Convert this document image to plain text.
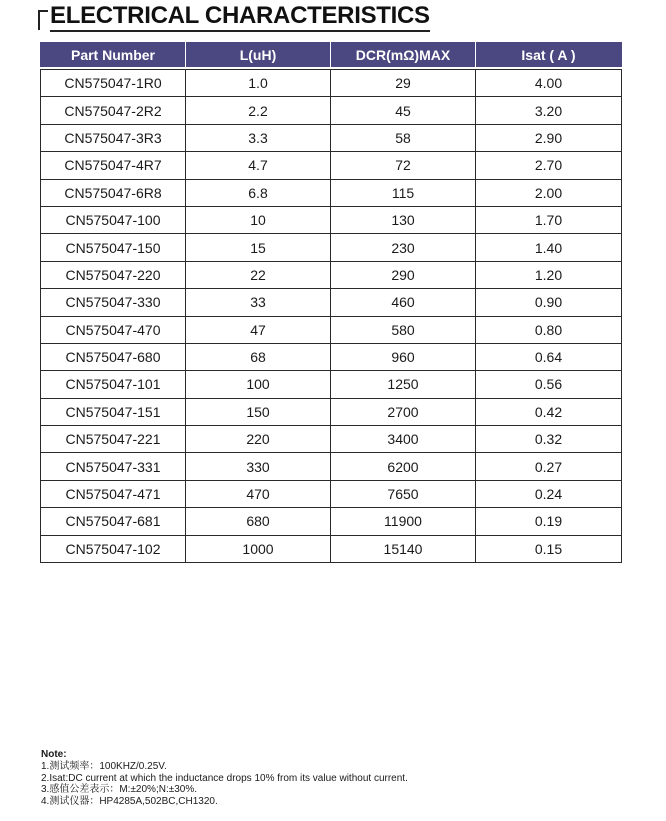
ELECTRICAL CHARACTERISTICS
Part Number	L(uH)	DCR(mΩ)MAX	Isat ( A )

CN575047-1R0	1.0	29	4.00
CN575047-2R2	2.2	45	3.20
CN575047-3R3	3.3	58	2.90
CN575047-4R7	4.7	72	2.70
CN575047-6R8	6.8	115	2.00
CN575047-100	10	130	1.70
CN575047-150	15	230	1.40
CN575047-220	22	290	1.20
CN575047-330	33	460	0.90
CN575047-470	47	580	0.80
CN575047-680	68	960	0.64
CN575047-101	100	1250	0.56
CN575047-151	150	2700	0.42
CN575047-221	220	3400	0.32
CN575047-331	330	6200	0.27
CN575047-471	470	7650	0.24
CN575047-681	680	11900	0.19
CN575047-102	1000	15140	0.15
Note:
1.测试频率：100KHZ/0.25V.
2.Isat:DC current at which the inductance drops 10% from its value without current.
3.感值公差表示：M:±20%;N:±30%.
4.测试仪器：HP4285A,502BC,CH1320.
